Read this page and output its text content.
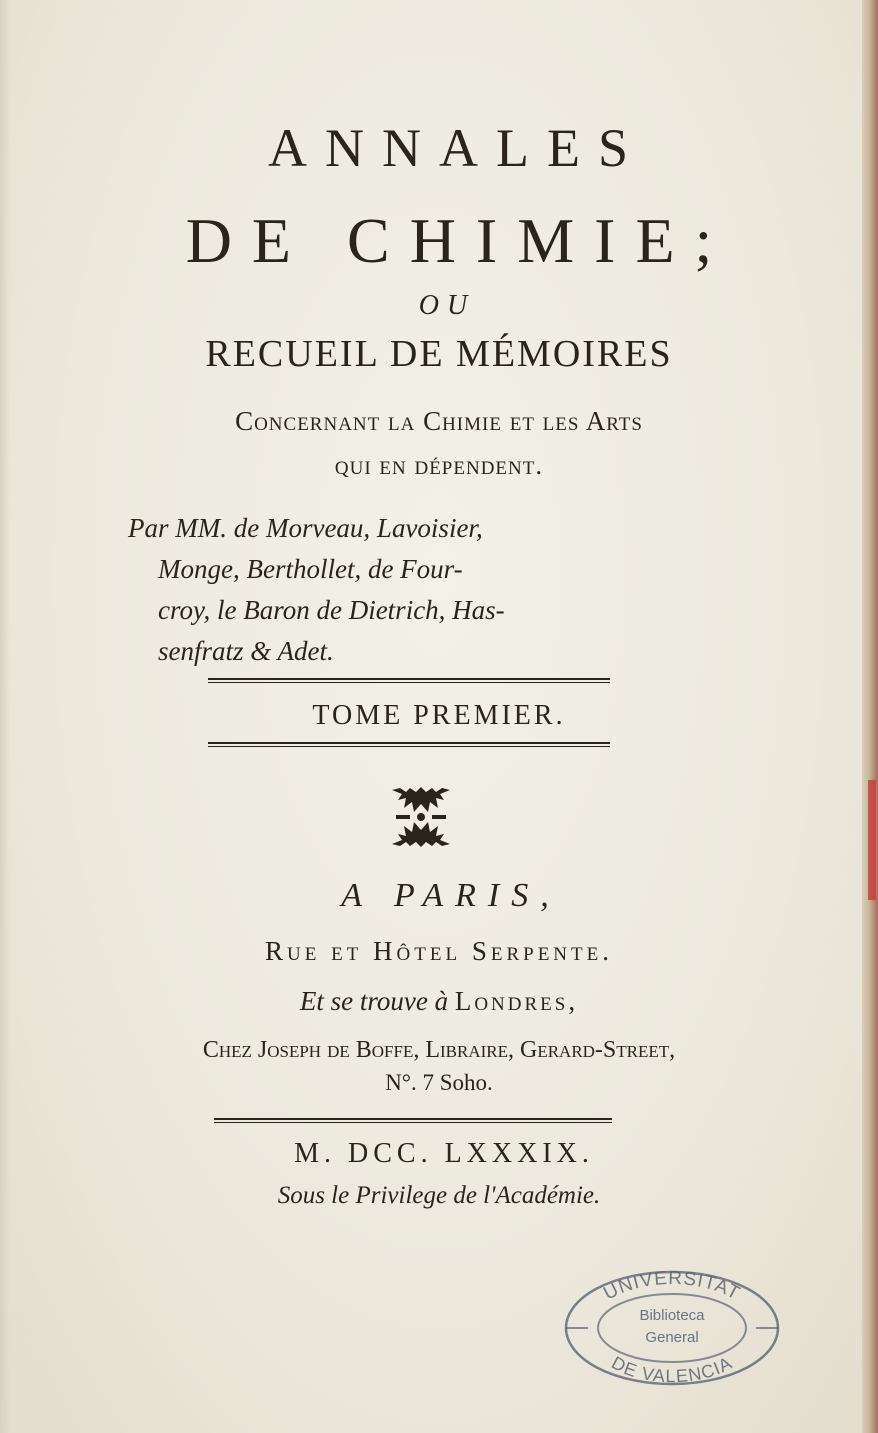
ANNALES
DE CHIMIE;
OU
RECUEIL DE MÉMOIRES
Concernant la Chimie et les Arts
qui en dépendent.
Par MM. de Morveau, Lavoisier,
Monge, Berthollet, de Four-
croy, le Baron de Dietrich, Has-
senfratz & Adet.
TOME PREMIER.
A PARIS,
Rue et Hôtel Serpente.
Et se trouve à Londres,
Chez Joseph de Boffe, Libraire, Gerard-Street,
N°. 7 Soho.
M. DCC. LXXXIX.
Sous le Privilege de l'Académie.
UNIVERSITAT
Biblioteca
General
DE VALENCIA
